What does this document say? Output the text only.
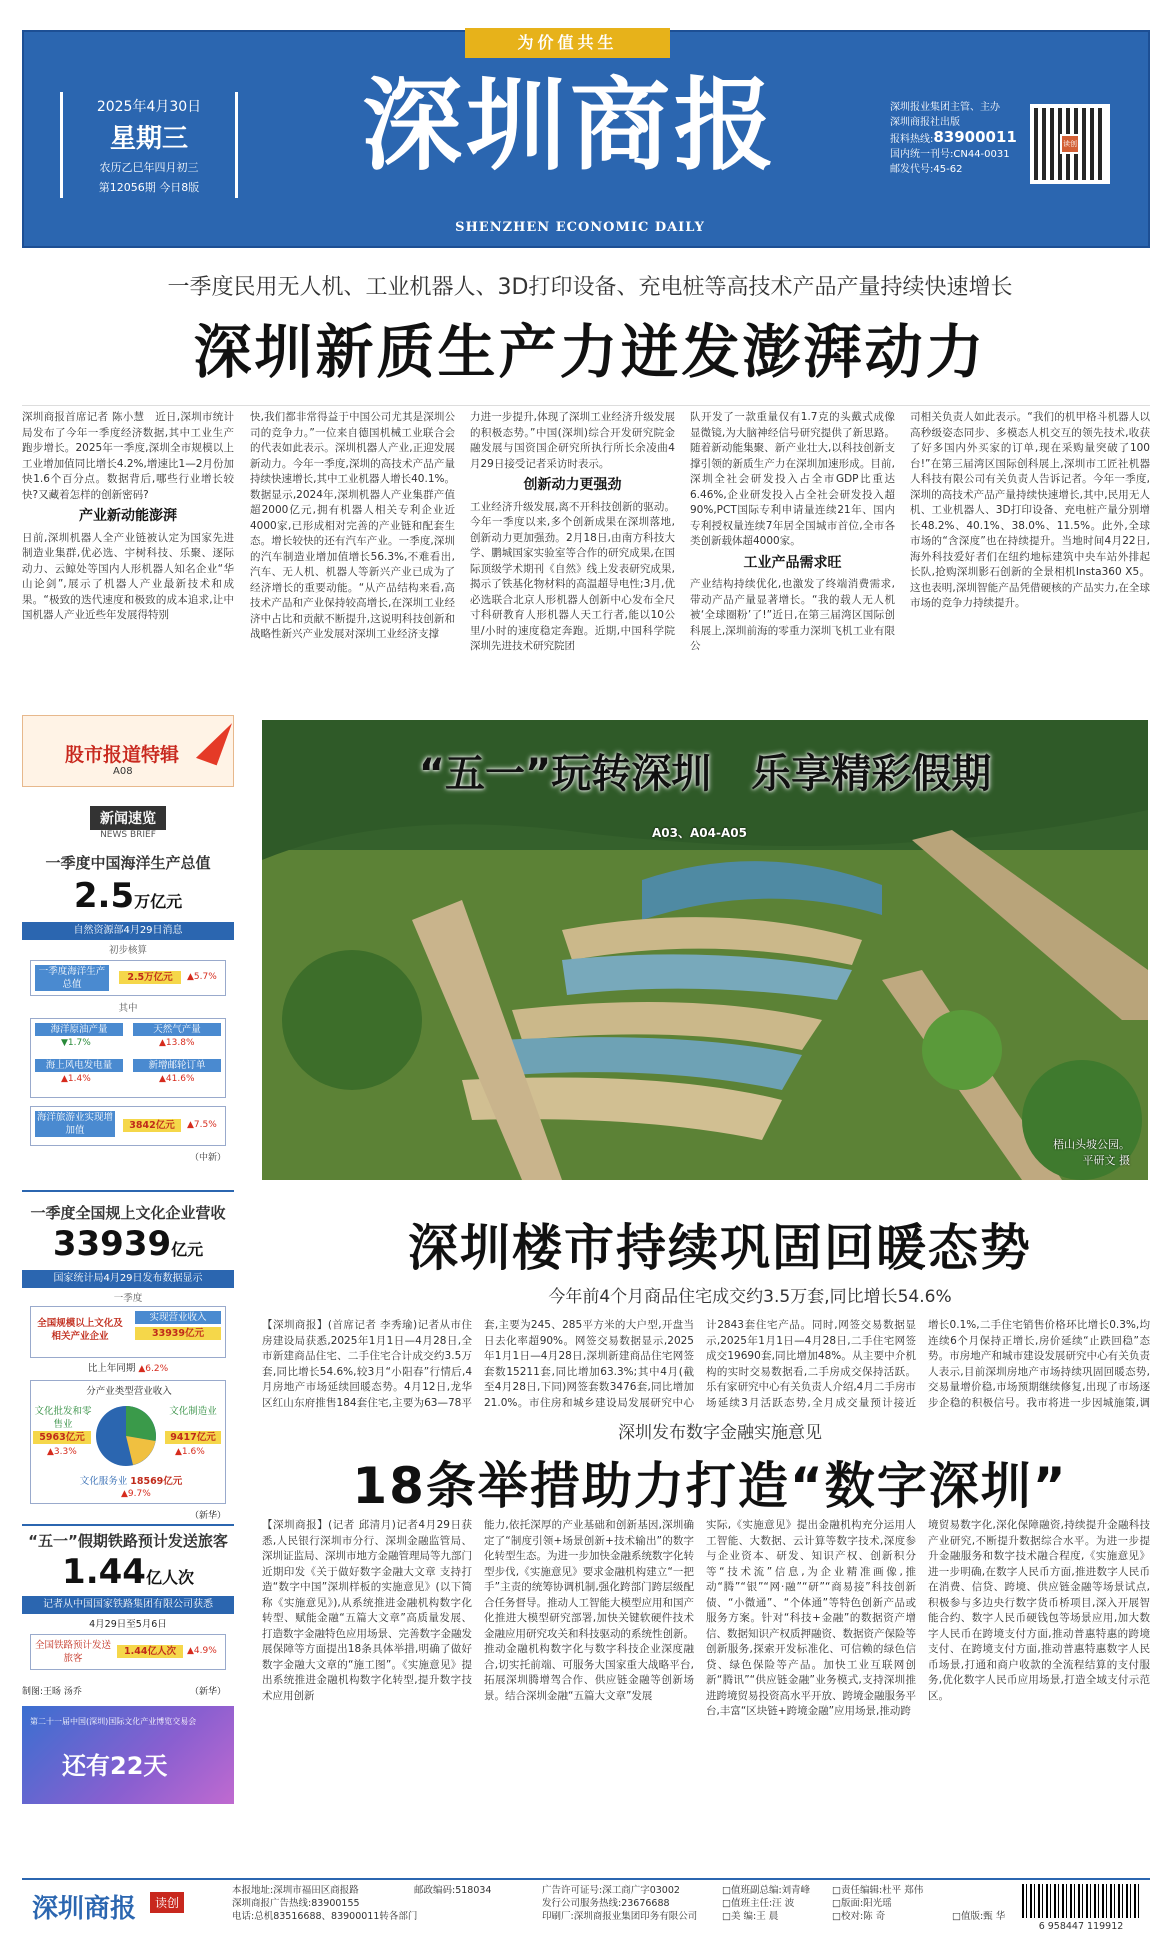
为价值共生
2025年4月30日
星期三
农历乙巳年四月初三
第12056期 今日8版
深圳商报
SHENZHEN ECONOMIC DAILY
深圳报业集团主管、主办
深圳商报社出版
报料热线:83900011
国内统一刊号:CN44-0031
邮发代号:45-62
读创
一季度民用无人机、工业机器人、3D打印设备、充电桩等高技术产品产量持续快速增长
深圳新质生产力迸发澎湃动力

深圳商报首席记者 陈小慧　近日,深圳市统计局发布了今年一季度经济数据,其中工业生产跑步增长。2025年一季度,深圳全市规模以上工业增加值同比增长4.2%,增速比1—2月份加快1.6个百分点。数据背后,哪些行业增长较快?又藏着怎样的创新密码?

产业新动能澎湃

日前,深圳机器人全产业链被认定为国家先进制造业集群,优必选、宇树科技、乐聚、逐际动力、云鲸处等国内人形机器人知名企业“华山论剑”,展示了机器人产业最新技术和成果。“极致的迭代速度和极致的成本追求,让中国机器人产业近些年发展得特别

快,我们都非常得益于中国公司尤其是深圳公司的竞争力。”一位来自德国机械工业联合会的代表如此表示。深圳机器人产业,正迎发展新动力。今年一季度,深圳的高技术产品产量持续快速增长,其中工业机器人增长40.1%。数据显示,2024年,深圳机器人产业集群产值超2000亿元,拥有机器人相关专利企业近4000家,已形成相对完善的产业链和配套生态。增长较快的还有汽车产业。一季度,深圳的汽车制造业增加值增长56.3%,不难看出,汽车、无人机、机器人等新兴产业已成为了经济增长的重要动能。“从产品结构来看,高技术产品和产业保持较高增长,在深圳工业经济中占比和贡献不断提升,这说明科技创新和战略性新兴产业发展对深圳工业经济支撑

力进一步提升,体现了深圳工业经济升级发展的积极态势。”中国(深圳)综合开发研究院金融发展与国资国企研究所执行所长余凌曲4月29日接受记者采访时表示。

创新动力更强劲

工业经济升级发展,离不开科技创新的驱动。今年一季度以来,多个创新成果在深圳落地,创新动力更加强劲。2月18日,由南方科技大学、鹏城国家实验室等合作的研究成果,在国际顶级学术期刊《自然》线上发表研究成果,揭示了铁基化物材料的高温超导电性;3月,优必选联合北京人形机器人创新中心发布全尺寸科研教育人形机器人天工行者,能以10公里/小时的速度稳定奔跑。近期,中国科学院深圳先进技术研究院团

队开发了一款重量仅有1.7克的头戴式成像显微镜,为大脑神经信号研究提供了新思路。随着新动能集聚、新产业壮大,以科技创新支撑引领的新质生产力在深圳加速形成。目前,深圳全社会研发投入占全市GDP比重达6.46%,企业研发投入占全社会研发投入超90%,PCT国际专利申请量连续21年、国内专利授权量连续7年居全国城市首位,全市各类创新载体超4000家。

工业产品需求旺

产业结构持续优化,也激发了终端消费需求,带动产品产量显著增长。“我的载人无人机被‘全球圈粉’了!”近日,在第三届湾区国际创科展上,深圳前海的零重力深圳飞机工业有限公

司相关负责人如此表示。“我们的机甲格斗机器人以高秒级姿态同步、多模态人机交互的领先技术,收获了好多国内外买家的订单,现在采购量突破了100台!”在第三届湾区国际创科展上,深圳市工匠社机器人科技有限公司有关负责人告诉记者。今年一季度,深圳的高技术产品产量持续快速增长,其中,民用无人机、工业机器人、3D打印设备、充电桩产量分别增长48.2%、40.1%、38.0%、11.5%。此外,全球市场的“含深度”也在持续提升。当地时间4月22日,海外科技爱好者们在纽约地标建筑中央车站外排起长队,抢购深圳影石创新的全景相机Insta360 X5。这也表明,深圳智能产品凭借硬核的产品实力,在全球市场的竞争力持续提升。
股市报道特辑
A08
新闻速览
NEWS BRIEF
一季度中国海洋生产总值
2.5万亿元
自然资源部4月29日消息
初步核算
一季度海洋生产总值
2.5万亿元	▲5.7%
其中
海洋原油产量
▼1.7%
天然气产量
▲13.8%
海上风电发电量
▲1.4%
新增邮轮订单
▲41.6%
海洋旅游业实现增加值	3842亿元	▲7.5%
（中新）
一季度全国规上文化企业营收
33939亿元
国家统计局4月29日发布数据显示
一季度
全国规模以上文化及相关产业企业
实现营业收入
33939亿元
比上年同期 ▲6.2%
分产业类型营业收入
文化批发和零售业
5963亿元
▲3.3%
文化制造业
9417亿元
▲1.6%
文化服务业 18569亿元
▲9.7%
（新华）
“五一”假期铁路预计发送旅客
1.44亿人次
记者从中国国家铁路集团有限公司获悉
4月29日至5月6日
全国铁路预计发送旅客
1.44亿人次	▲4.9%
制图:王旸 汤乔	（新华）
第二十一届中国(深圳)国际文化产业博览交易会
还有22天
“五一”玩转深圳　乐享精彩假期
A03、A04-A05
梧山头坡公园。
平研文 摄
深圳楼市持续巩固回暖态势
今年前4个月商品住宅成交约3.5万套,同比增长54.6%
【深圳商报】(首席记者 李秀瑜)记者从市住房建设局获悉,2025年1月1日—4月28日,全市新建商品住宅、二手住宅合计成交约3.5万套,同比增长54.6%,较3月“小阳春”行情后,4月房地产市场延续回暖态势。4月12日,龙华区红山东府推售184套住宅,主要为63—78平
套,主要为245、285平方米的大户型,开盘当日去化率超90%。网签交易数据显示,2025年1月1日—4月28日,深圳新建商品住宅网签套数15211套,同比增加63.3%;其中4月(截至4月28日,下同)网签套数3476套,同比增加21.0%。市住房和城乡建设局发展研究中心
计2843套住宅产品。同时,网签交易数据显示,2025年1月1日—4月28日,二手住宅网签成交19690套,同比增加48%。从主要中介机构的实时交易数据看,二手房成交保持活跃。乐有家研究中心有关负责人介绍,4月二手房市场延续3月活跃态势,全月成交量预计接近
增长0.1%,二手住宅销售价格环比增长0.3%,均连续6个月保持正增长,房价延续“止跌回稳”态势。市房地产和城市建设发展研究中心有关负责人表示,目前深圳房地产市场持续巩固回暖态势,交易量增价稳,市场预期继续修复,出现了市场逐步企稳的积极信号。我市将进一步因城施策,调
深圳发布数字金融实施意见
18条举措助力打造“数字深圳”
【深圳商报】(记者 邱清月)记者4月29日获悉,人民银行深圳市分行、深圳金融监管局、深圳证监局、深圳市地方金融管理局等九部门近期印发《关于做好数字金融大文章 支持打造“数字中国”深圳样板的实施意见》(以下简称《实施意见》),从系统推进金融机构数字化转型、赋能金融“五篇大文章”高质量发展、打造数字金融特色应用场景、完善数字金融发展保障等方面提出18条具体举措,明确了做好数字金融大文章的“施工图”。《实施意见》提出系统推进金融机构数字化转型,提升数字技术应用创新
能力,依托深厚的产业基础和创新基因,深圳确定了“制度引领+场景创新+技术输出”的数字化转型生态。为进一步加快金融系统数字化转型步伐,《实施意见》要求金融机构建立“一把手”主责的统筹协调机制,强化跨部门跨层级配合任务督导。推动人工智能大模型应用和国产化推进大模型研究部署,加快关键软硬件技术金融应用研究攻关和科技驱动的系统性创新。推动金融机构数字化与数字科技企业深度融合,切实托前端、可服务大国家重大战略平台,拓展深圳腾增驾合作、供应链金融等创新场景。结合深圳金融“五篇大文章”发展
实际,《实施意见》提出金融机构充分运用人工智能、大数据、云计算等数字技术,深度参与企业资本、研发、知识产权、创新积分等“技术流”信息,为企业精准画像,推动“腾”“银”“网·融”“研”“商易接”科技创新债、“小微通”、“个体通”等特色创新产品或服务方案。针对“科技+金融”的数据资产增信、数据知识产权质押融资、数据资产保险等创新服务,探索开发标准化、可信赖的绿色信贷、绿色保险等产品。加快工业互联网创新“腾讯”“供应链金融”业务模式,支持深圳推进跨境贸易投资高水平开放、跨境金融服务平台,丰富“区块链+跨境金融”应用场景,推动跨
境贸易数字化,深化保障融资,持续提升金融科技产业研究,不断提升数据综合水平。为进一步提升金融服务和数字技术融合程度,《实施意见》进一步明确,在数字人民币方面,推进数字人民币在消费、信贷、跨境、供应链金融等场景试点,积极参与多边央行数字货币桥项目,深入开展智能合约、数字人民币硬钱包等场景应用,加大数字人民币在跨境支付方面,推动普惠特惠的跨境支付、在跨境支付方面,推动普惠特惠数字人民币场景,打通和商户收款的全流程结算的支付服务,优化数字人民币应用场景,打造全域支付示范区。
深圳商报	读创
本报地址:深圳市福田区商报路
深圳商报广告热线:83900155
电话:总机83516688、83900011转各部门
邮政编码:518034	广告许可证号:深工商广字03002
发行公司服务热线:23676688
印刷厂:深圳商报业集团印务有限公司
□值班副总编:刘青峰
□值班主任:汪 波
□美 编:王 晨
□责任编辑:杜平 郑伟
□版面:阳光瑶
□校对:陈 奇	□值版:甄 华
6 958447 119912
